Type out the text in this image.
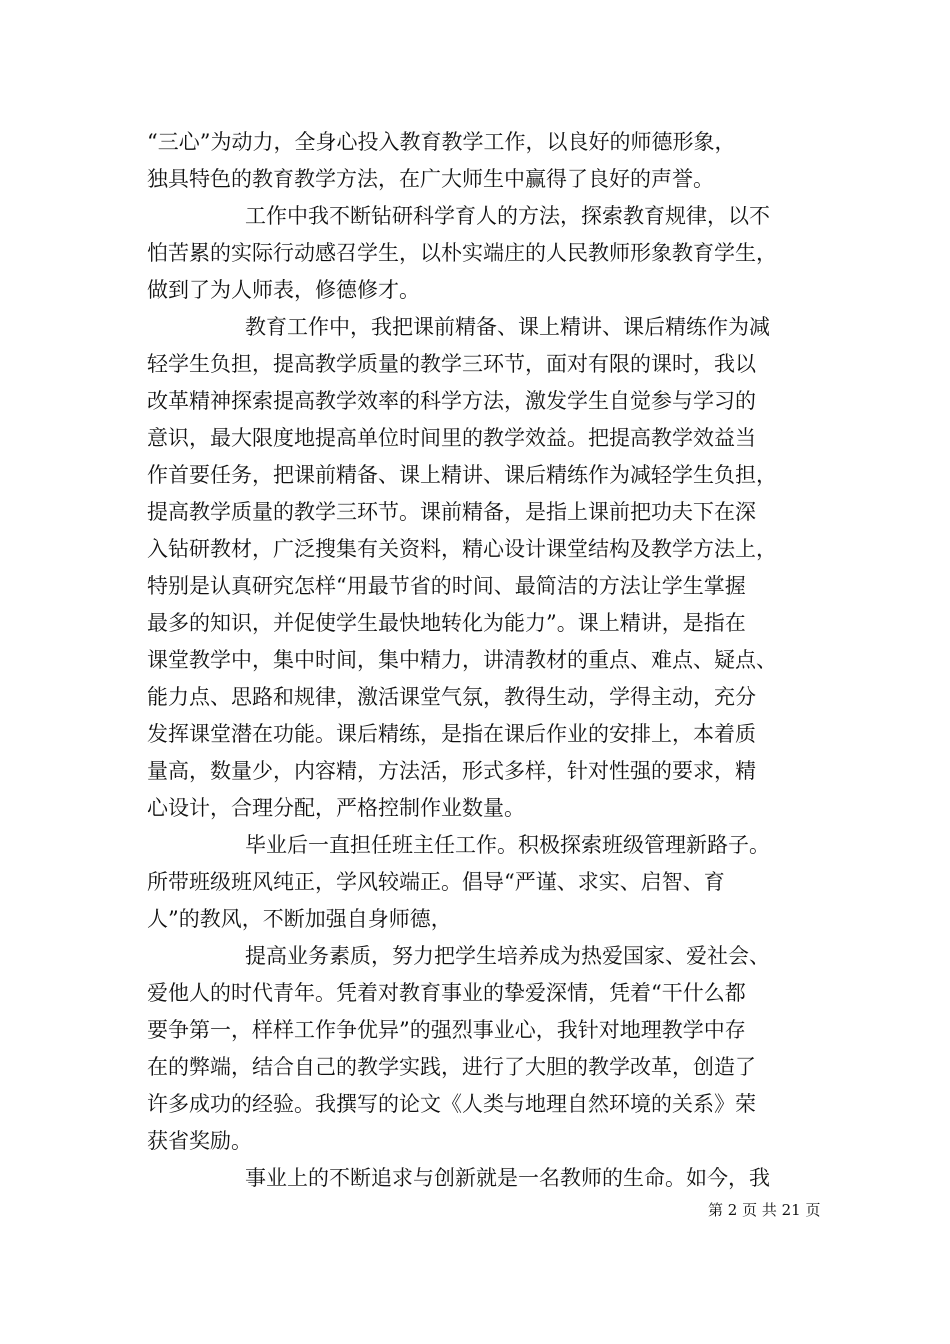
“三心”为动力，全身心投入教育教学工作，以良好的师德形象，
独具特色的教育教学方法，在广大师生中赢得了良好的声誉。
工作中我不断钻研科学育人的方法，探索教育规律，以不
怕苦累的实际行动感召学生，以朴实端庄的人民教师形象教育学生，
做到了为人师表，修德修才。
教育工作中，我把课前精备、课上精讲、课后精练作为减
轻学生负担，提高教学质量的教学三环节，面对有限的课时，我以
改革精神探索提高教学效率的科学方法，激发学生自觉参与学习的
意识，最大限度地提高单位时间里的教学效益。把提高教学效益当
作首要任务，把课前精备、课上精讲、课后精练作为减轻学生负担，
提高教学质量的教学三环节。课前精备，是指上课前把功夫下在深
入钻研教材，广泛搜集有关资料，精心设计课堂结构及教学方法上，
特别是认真研究怎样“用最节省的时间、最简洁的方法让学生掌握
最多的知识，并促使学生最快地转化为能力”。课上精讲，是指在
课堂教学中，集中时间，集中精力，讲清教材的重点、难点、疑点、
能力点、思路和规律，激活课堂气氛，教得生动，学得主动，充分
发挥课堂潜在功能。课后精练，是指在课后作业的安排上，本着质
量高，数量少，内容精，方法活，形式多样，针对性强的要求，精
心设计，合理分配，严格控制作业数量。
毕业后一直担任班主任工作。积极探索班级管理新路子。
所带班级班风纯正，学风较端正。倡导“严谨、求实、启智、育
人”的教风，不断加强自身师德，
提高业务素质，努力把学生培养成为热爱国家、爱社会、
爱他人的时代青年。凭着对教育事业的挚爱深情，凭着“干什么都
要争第一，样样工作争优异”的强烈事业心，我针对地理教学中存
在的弊端，结合自己的教学实践，进行了大胆的教学改革，创造了
许多成功的经验。我撰写的论文《人类与地理自然环境的关系》荣
获省奖励。
事业上的不断追求与创新就是一名教师的生命。如今，我
第 2 页 共 21 页
